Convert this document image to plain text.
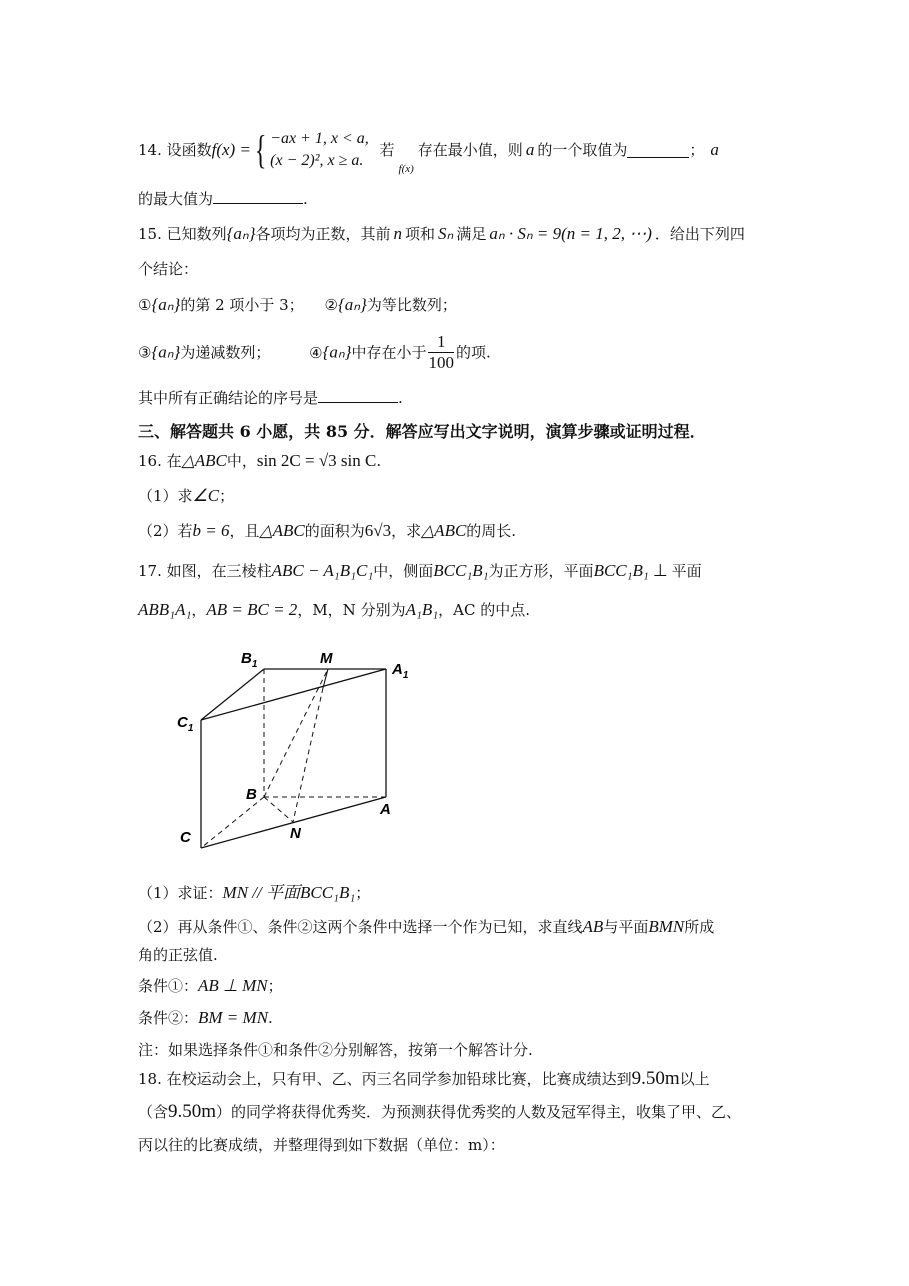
14. 设函数f(x) ={ −ax + 1, x < a,
(x − 2)², x ≥ a.
若$_{f(x)}$存在最小值，则 a 的一个取值为	； a
的最大值为	.
15. 已知数列{aₙ}各项均为正数，其前 n 项和 Sₙ 满足 aₙ · Sₙ = 9(n = 1, 2, ⋯) ．给出下列四
个结论：
①{aₙ}的第 2 项小于 3； ②{aₙ}为等比数列；
③{aₙ}为递减数列；	④{aₙ}中存在小于 $\frac{1}{100}$ 的项.
其中所有正确结论的序号是	.
三、解答题共 6 小愿，共 85 分．解答应写出文字说明，演算步骤或证明过程．
16. 在△ABC中，sin 2C = √3 sin C.
（1）求∠C；
（2）若b = 6，且△ABC的面积为6√3，求△ABC的周长.
17. 如图，在三棱柱ABC − A₁B₁C₁中，侧面BCC₁B₁为正方形，平面BCC₁B₁ ⊥ 平面
ABB₁A₁，AB = BC = 2，M，N 分别为A₁B₁，AC 的中点.
$B_1$	M
$A_1$
$C_1$
B
A
N
C
（1）求证：MN // 平面BCC₁B₁；
（2）再从条件①、条件②这两个条件中选择一个作为已知，求直线AB与平面BMN所成
角的正弦值.
条件①：AB ⊥ MN；
条件②：BM = MN.
注：如果选择条件①和条件②分别解答，按第一个解答计分.
18. 在校运动会上，只有甲、乙、丙三名同学参加铅球比赛，比赛成绩达到9.50m以上
（含9.50m）的同学将获得优秀奖．为预测获得优秀奖的人数及冠军得主，收集了甲、乙、
丙以往的比赛成绩，并整理得到如下数据（单位：m）：
